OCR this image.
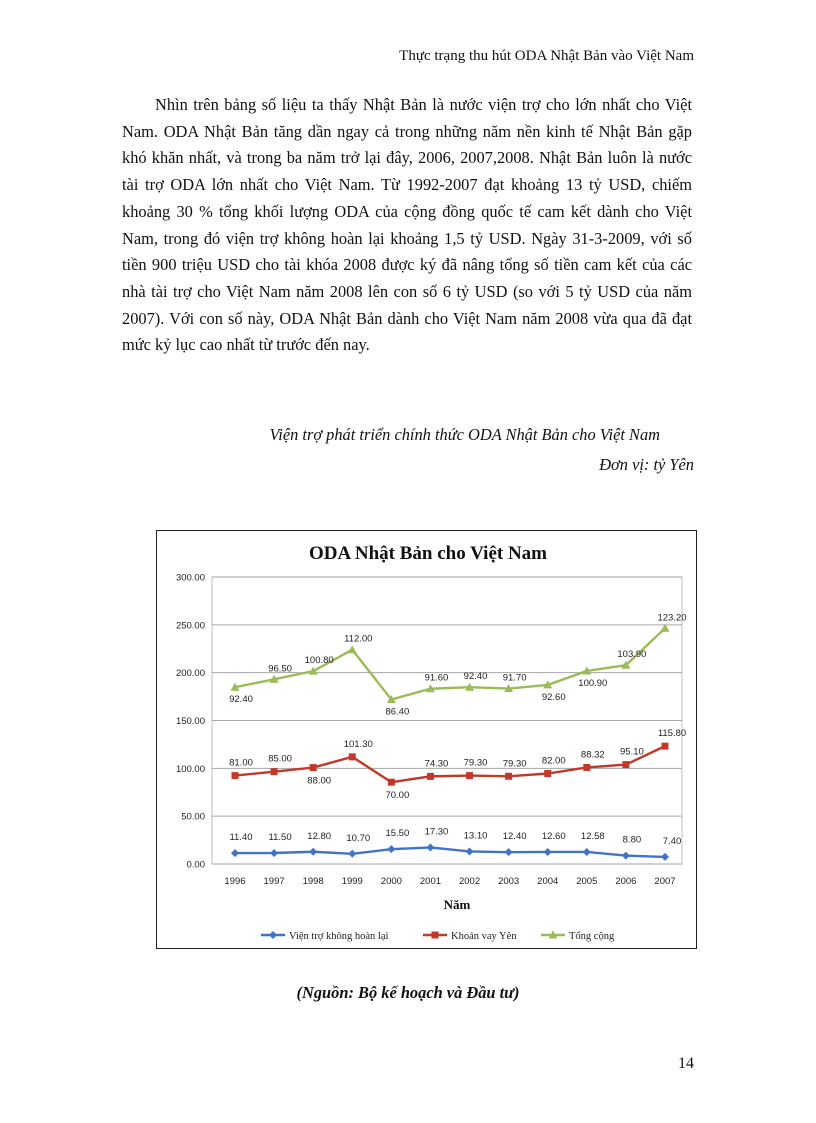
Thực trạng thu hút ODA Nhật Bản vào Việt Nam

Nhìn trên bảng số liệu ta thấy Nhật Bản là nước viện trợ cho lớn nhất cho Việt Nam. ODA Nhật Bản tăng dần ngay cả trong những năm nền kinh tế Nhật Bản gặp khó khăn nhất, và trong ba năm trở lại đây, 2006, 2007,2008. Nhật Bản luôn là nước tài trợ ODA lớn nhất cho Việt Nam. Từ 1992-2007 đạt khoảng 13 tỷ USD, chiếm khoảng 30 % tổng khối lượng ODA của cộng đồng quốc tế cam kết dành cho Việt Nam, trong đó viện trợ không hoàn lại khoảng 1,5 tỷ USD. Ngày 31-3-2009, với số tiền 900 triệu USD cho tài khóa 2008 được ký đã nâng tổng số tiền cam kết của các nhà tài trợ cho Việt Nam năm 2008 lên con số 6 tỷ USD (so với 5 tỷ USD của năm 2007). Với con số này, ODA Nhật Bản dành cho Việt Nam năm 2008 vừa qua đã đạt mức kỷ lục cao nhất từ trước đến nay.

Viện trợ phát triển chính thức ODA Nhật Bản cho Việt Nam
Đơn vị: tỷ Yên
0.00
50.00
100.00
150.00
200.00
250.00
300.00
1996 1997 1998 1999 2000 2001 2002 2003 2004 2005 2006 2007
ODA Nhật Bản cho Việt Nam
Năm
11.40 11.50 12.80 10.70 15.50 17.30 13.10 12.40 12.60 12.58 8.80 7.40
81.00 85.00
88.00
101.30
70.00
74.30 79.30 79.30 82.00
88.32 95.10
115.80
92.40
96.50
100.80
112.00
86.40
91.60 92.40 91.70
92.60
100.90
103.90
123.20
Viện trợ không hoàn lại	Khoản vay Yên	Tổng cộng
(Nguồn: Bộ kế hoạch và Đầu tư)
14
